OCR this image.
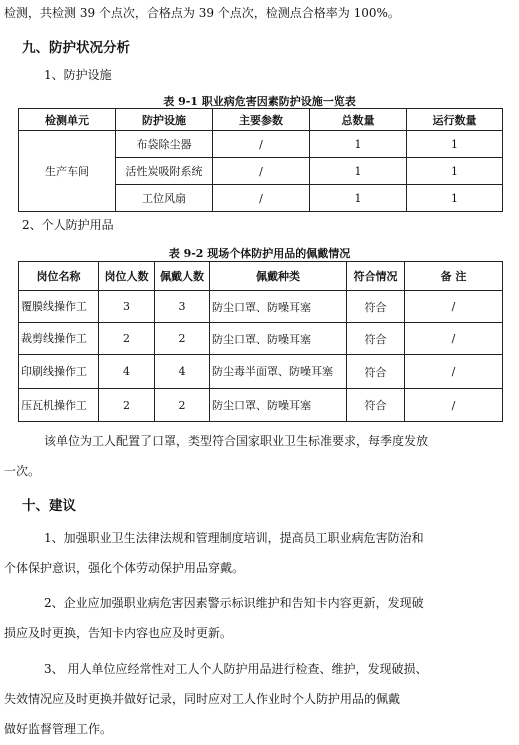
检测，共检测 39 个点次，合格点为 39 个点次，检测点合格率为 100%。
九、防护状况分析
1、防护设施
表 9-1 职业病危害因素防护设施一览表
检测单元	防护设施	主要参数	总数量	运行数量
生产车间	布袋除尘器	/	1	1
	活性炭吸附系统	/	1	1
	工位风扇	/	1	1
2、个人防护用品
表 9-2 现场个体防护用品的佩戴情况
岗位名称	岗位人数	佩戴人数	佩戴种类	符合情况	备 注
覆膜线操作工	3	3	防尘口罩、防噪耳塞	符合	/
裁剪线操作工	2	2	防尘口罩、防噪耳塞	符合	/
印刷线操作工	4	4	防尘毒半面罩、防噪耳塞	符合	/
压瓦机操作工	2	2	防尘口罩、防噪耳塞	符合	/
该单位为工人配置了口罩，类型符合国家职业卫生标准要求，每季度发放
一次。
十、建议
1、加强职业卫生法律法规和管理制度培训，提高员工职业病危害防治和
个体保护意识，强化个体劳动保护用品穿戴。
2、企业应加强职业病危害因素警示标识维护和告知卡内容更新，发现破
损应及时更换，告知卡内容也应及时更新。
3、 用人单位应经常性对工人个人防护用品进行检查、维护，发现破损、
失效情况应及时更换并做好记录，同时应对工人作业时个人防护用品的佩戴
做好监督管理工作。
